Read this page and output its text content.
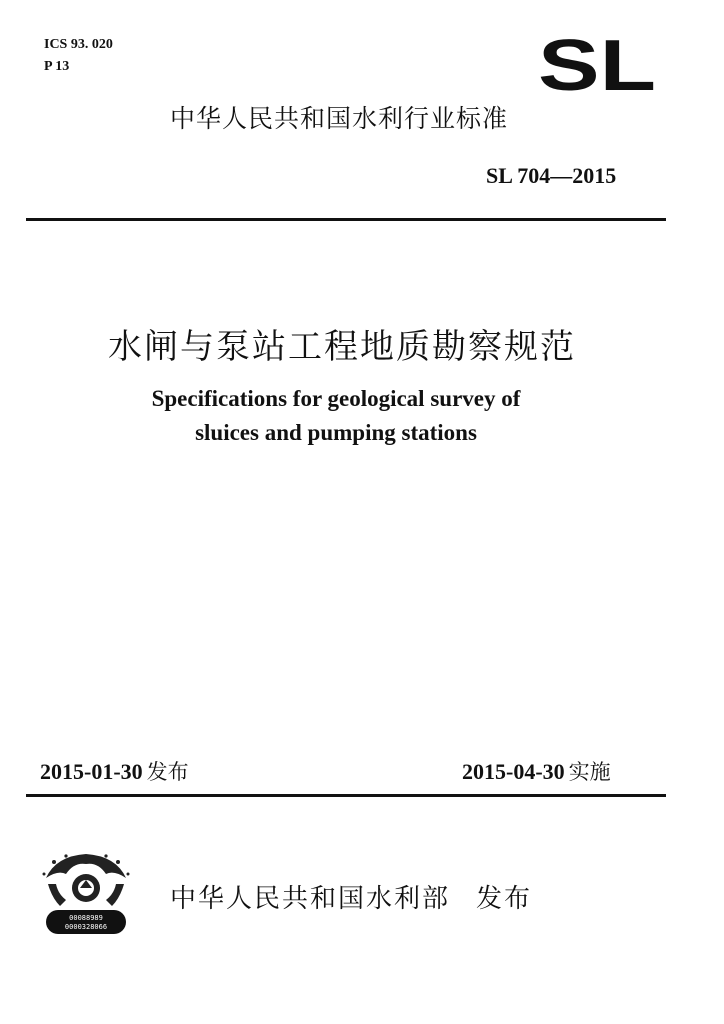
ICS 93. 020
P 13	SL
中华人民共和国水利行业标准
SL 704—2015
水闸与泵站工程地质勘察规范
Specifications for geological survey of
sluices and pumping stations
2015-01-30 发布	2015-04-30 实施
00088989
0000328066
中华人民共和国水利部 发布
